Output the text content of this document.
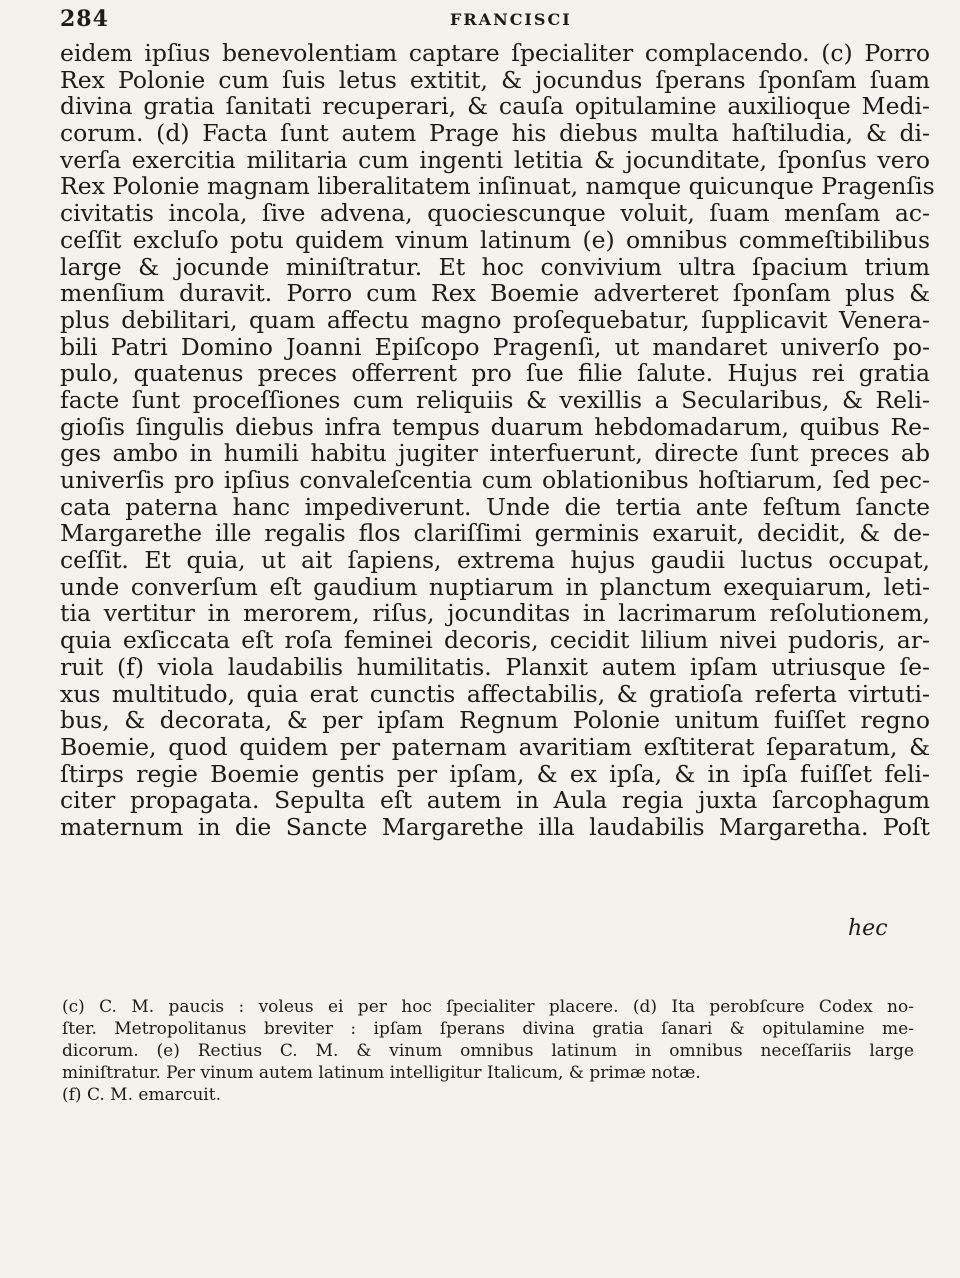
284	FRANCISCI
eidem ipſius benevolentiam captare ſpecialiter complacendo. (c) Porro
Rex Polonie cum ſuis letus extitit, & jocundus ſperans ſponſam ſuam
divina gratia ſanitati recuperari, & cauſa opitulamine auxilioque Medi-
corum. (d) Facta ſunt autem Prage his diebus multa haſtiludia, & di-
verſa exercitia militaria cum ingenti letitia & jocunditate, ſponſus vero
Rex Polonie magnam liberalitatem inſinuat, namque quicunque Pragenſis
civitatis incola, ſive advena, quociescunque voluit, ſuam menſam ac-
ceſſit excluſo potu quidem vinum latinum (e) omnibus commeſtibilibus
large & jocunde miniſtratur. Et hoc convivium ultra ſpacium trium
menſium duravit. Porro cum Rex Boemie adverteret ſponſam plus &
plus debilitari, quam affectu magno proſequebatur, ſupplicavit Venera-
bili Patri Domino Joanni Epiſcopo Pragenſi, ut mandaret univerſo po-
pulo, quatenus preces offerrent pro ſue filie ſalute. Hujus rei gratia
facte ſunt proceſſiones cum reliquiis & vexillis a Secularibus, & Reli-
gioſis ſingulis diebus infra tempus duarum hebdomadarum, quibus Re-
ges ambo in humili habitu jugiter interfuerunt, directe ſunt preces ab
univerſis pro ipſius convaleſcentia cum oblationibus hoſtiarum, ſed pec-
cata paterna hanc impediverunt. Unde die tertia ante feſtum ſancte
Margarethe ille regalis flos clariſſimi germinis exaruit, decidit, & de-
ceſſit. Et quia, ut ait ſapiens, extrema hujus gaudii luctus occupat,
unde converſum eſt gaudium nuptiarum in planctum exequiarum, leti-
tia vertitur in merorem, riſus, jocunditas in lacrimarum reſolutionem,
quia exſiccata eſt roſa feminei decoris, cecidit lilium nivei pudoris, ar-
ruit (f) viola laudabilis humilitatis. Planxit autem ipſam utriusque ſe-
xus multitudo, quia erat cunctis affectabilis, & gratioſa referta virtuti-
bus, & decorata, & per ipſam Regnum Polonie unitum fuiſſet regno
Boemie, quod quidem per paternam avaritiam exſtiterat ſeparatum, &
ſtirps regie Boemie gentis per ipſam, & ex ipſa, & in ipſa fuiſſet feli-
citer propagata. Sepulta eſt autem in Aula regia juxta ſarcophagum
maternum in die Sancte Margarethe illa laudabilis Margaretha. Poſt
hec
(c) C. M. paucis : voleus ei per hoc ſpecialiter placere. (d) Ita perobſcure Codex no-
ſter. Metropolitanus breviter : ipſam ſperans divina gratia ſanari & opitulamine me-
dicorum. (e) Rectius C. M. & vinum omnibus latinum in omnibus neceſſariis large
miniſtratur. Per vinum autem latinum intelligitur Italicum, & primæ notæ.
(f) C. M. emarcuit.
